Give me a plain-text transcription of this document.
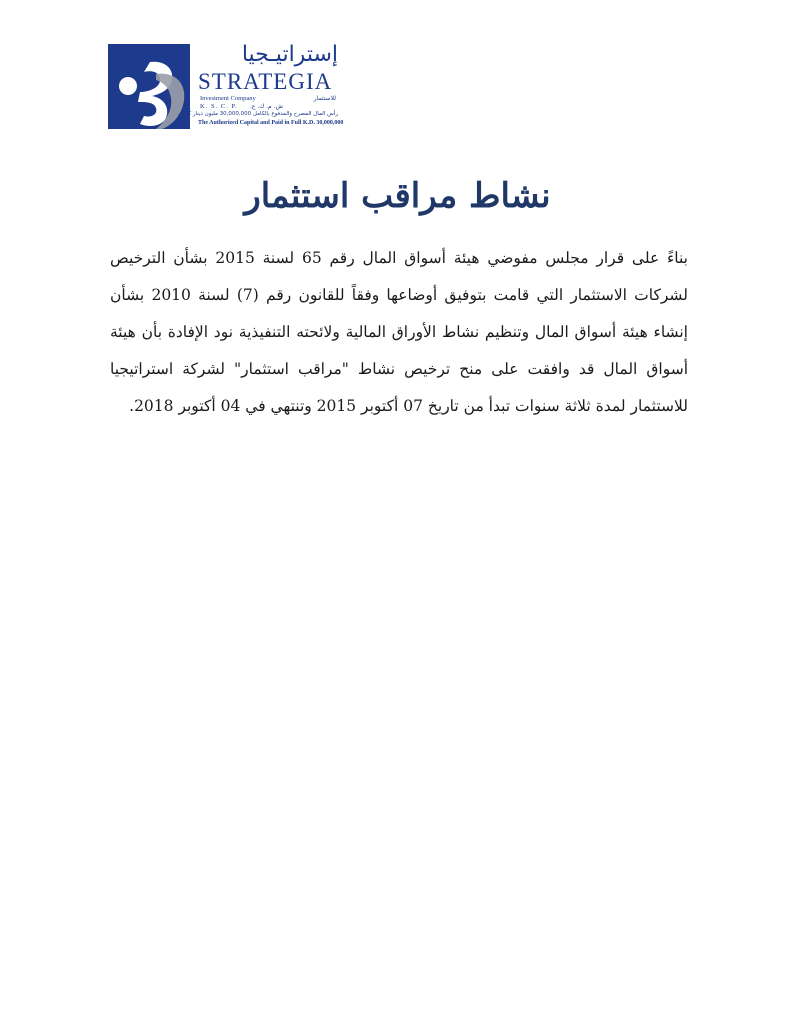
إستراتيـجيا
STRATEGIA
Investment Company	للاستثمار
K. S. C. P. ش. م. ك. ع.
رأس المال المصرح والمدفوع بالكامل 30,000,000 مليون دينار كويتي
The Authorized Capital and Paid in Full K.D. 30,000,000
نشاط مراقب استثمار

بناءً على قرار مجلس مفوضي هيئة أسواق المال رقم 65 لسنة 2015 بشأن الترخيص لشركات الاستثمار التي قامت بتوفيق أوضاعها وفقاً للقانون رقم (7) لسنة 2010 بشأن إنشاء هيئة أسواق المال وتنظيم نشاط الأوراق المالية ولائحته التنفيذية نود الإفادة بأن هيئة أسواق المال قد وافقت على منح ترخيص نشاط "مراقب استثمار" لشركة استراتيجيا للاستثمار لمدة ثلاثة سنوات تبدأ من تاريخ 07 أكتوبر 2015 وتنتهي في 04 أكتوبر 2018.
